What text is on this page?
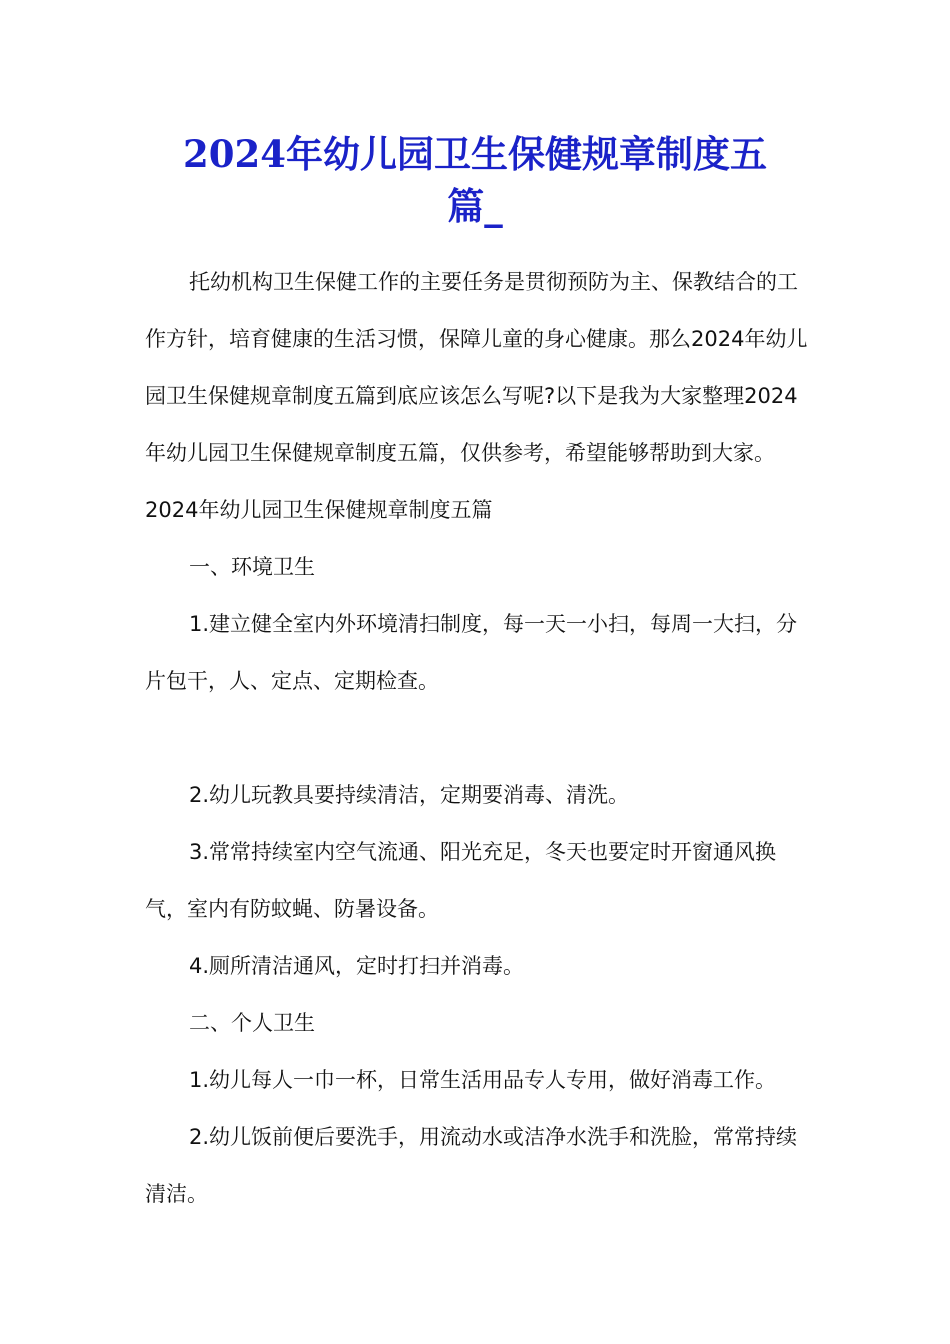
2024年幼儿园卫生保健规章制度五
篇_

托幼机构卫生保健工作的主要任务是贯彻预防为主、保教结合的工作方针，培育健康的生活习惯，保障儿童的身心健康。那么2024年幼儿园卫生保健规章制度五篇到底应该怎么写呢?以下是我为大家整理2024年幼儿园卫生保健规章制度五篇，仅供参考，希望能够帮助到大家。2024年幼儿园卫生保健规章制度五篇

一、环境卫生

1.建立健全室内外环境清扫制度，每一天一小扫，每周一大扫，分片包干，人、定点、定期检查。

2.幼儿玩教具要持续清洁，定期要消毒、清洗。

3.常常持续室内空气流通、阳光充足，冬天也要定时开窗通风换气，室内有防蚊蝇、防暑设备。

4.厕所清洁通风，定时打扫并消毒。

二、个人卫生

1.幼儿每人一巾一杯，日常生活用品专人专用，做好消毒工作。

2.幼儿饭前便后要洗手，用流动水或洁净水洗手和洗脸，常常持续清洁。
